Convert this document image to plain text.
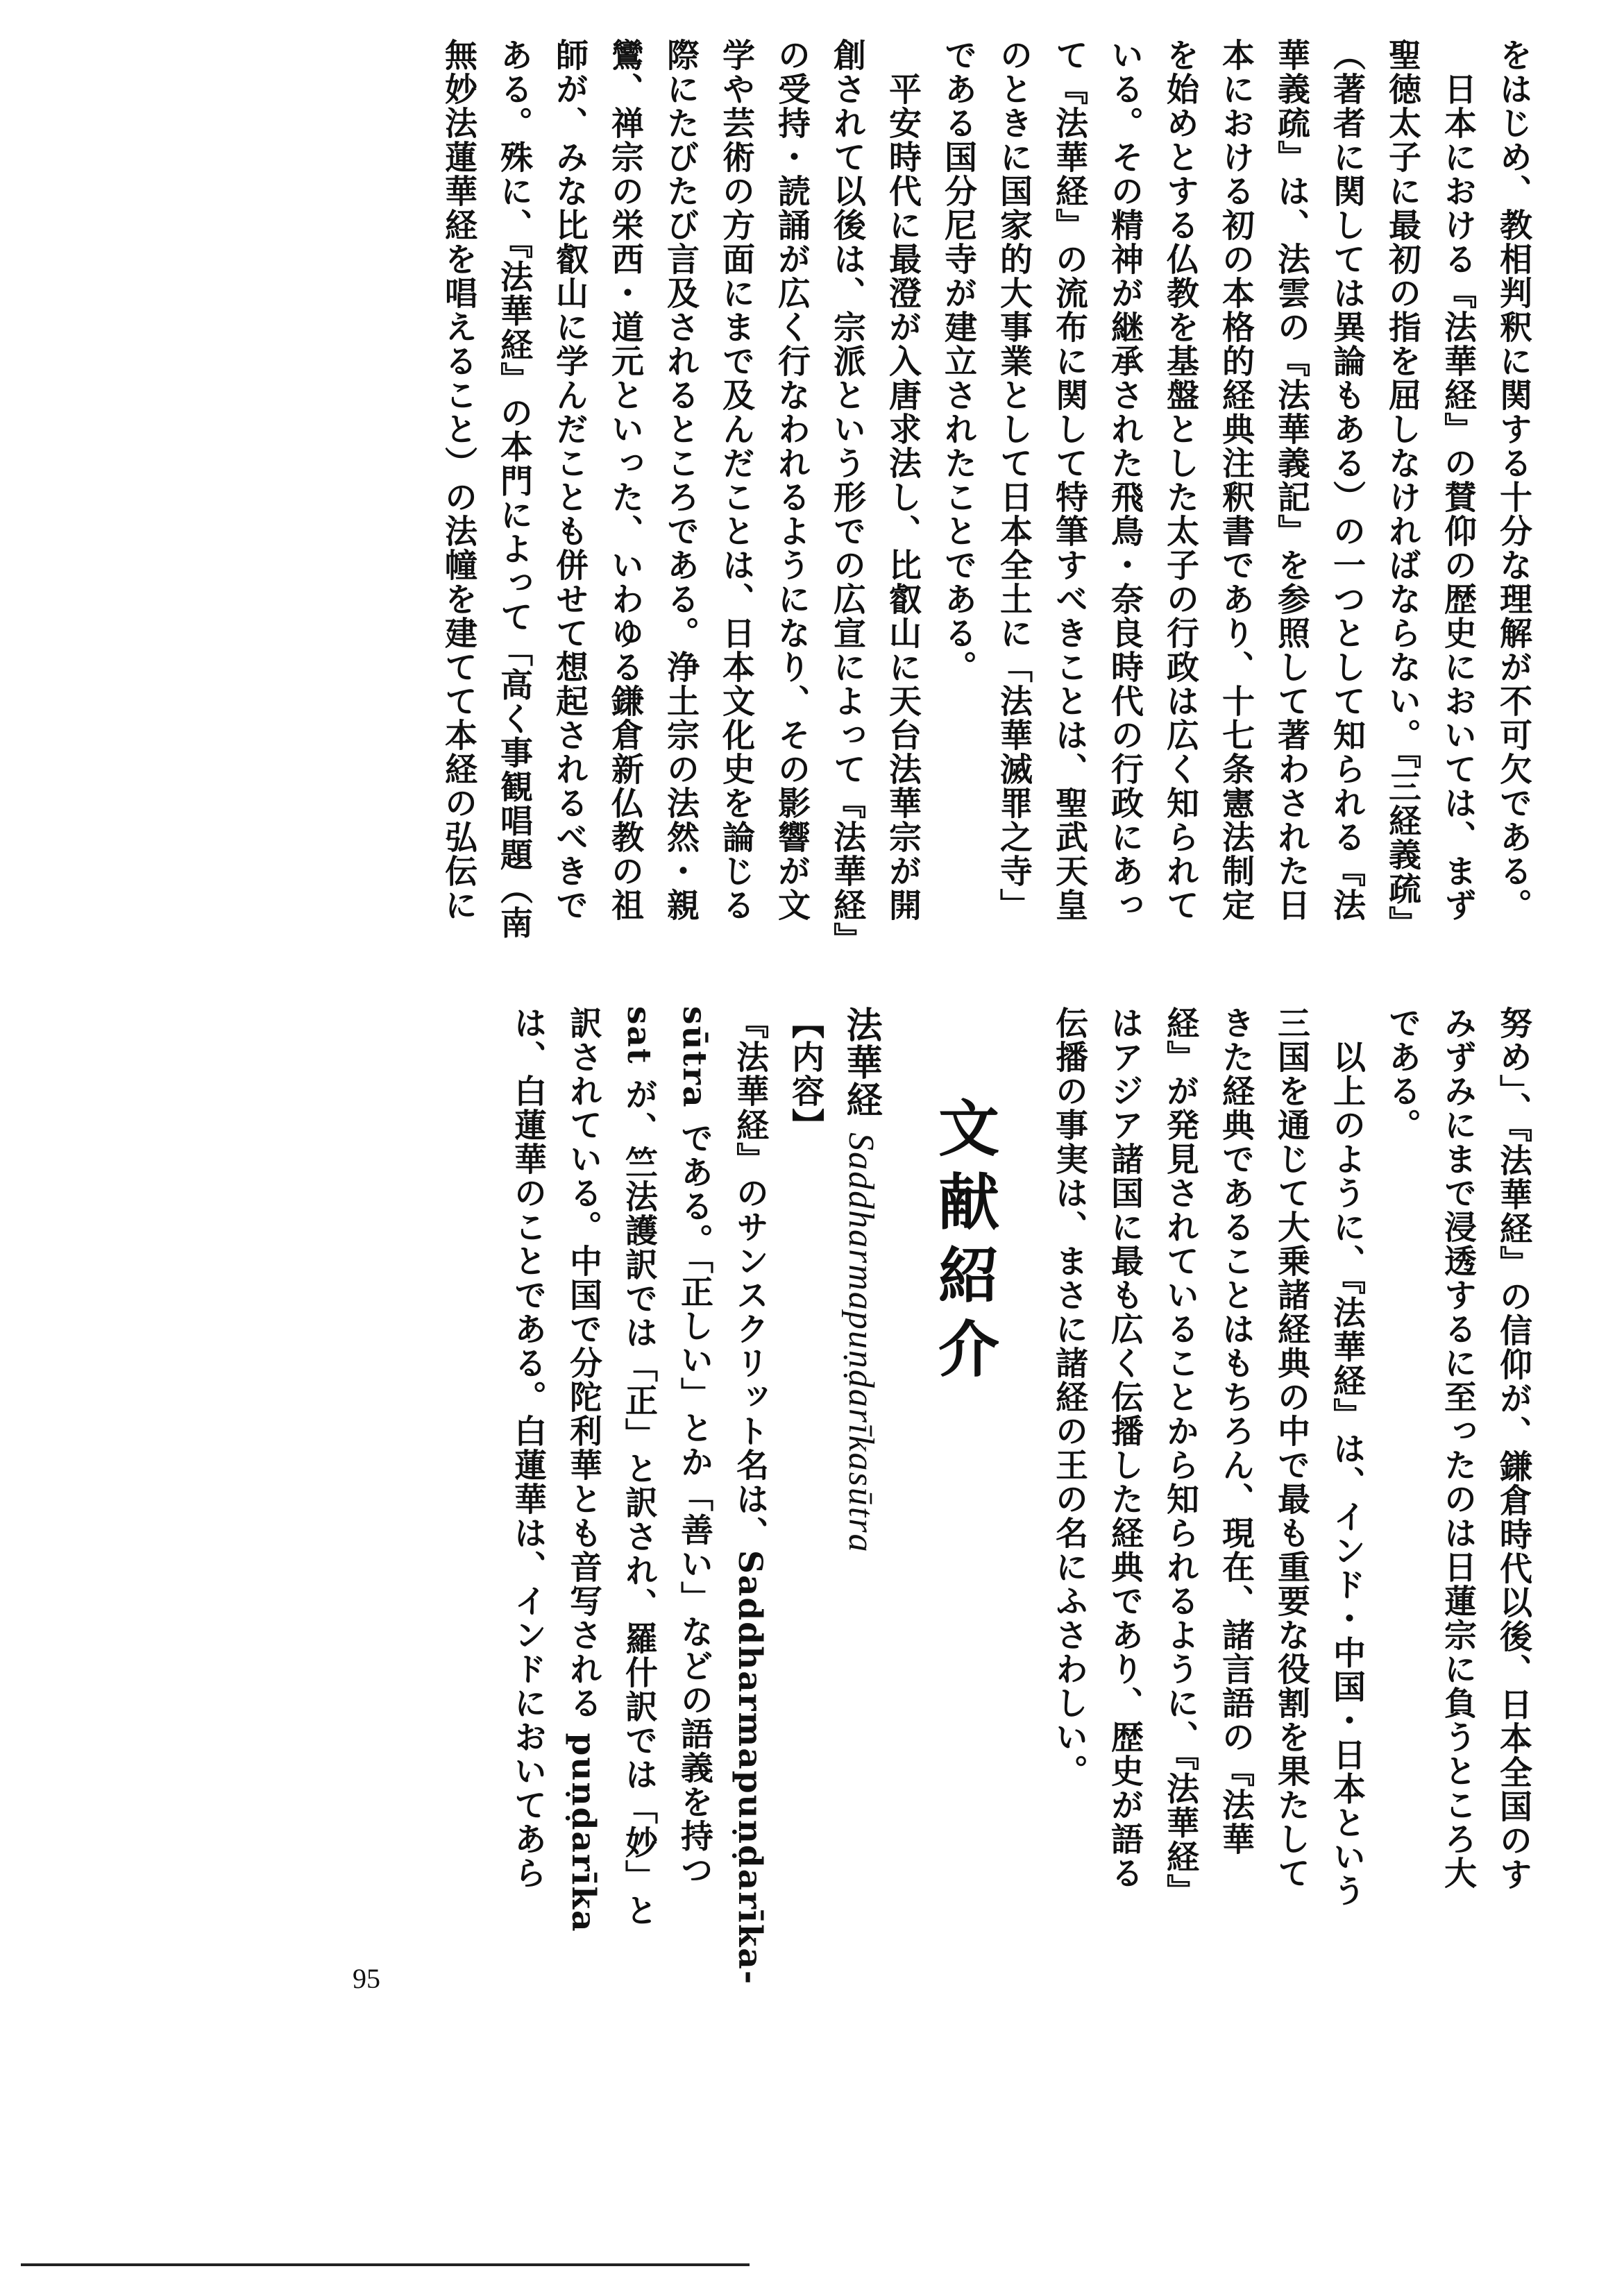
をはじめ、教相判釈に関する十分な理解が不可欠である。

　日本における『法華経』の賛仰の歴史においては、まず

聖徳太子に最初の指を屈しなければならない。『三経義疏』

（著者に関しては異論もある）の一つとして知られる『法

華義疏』は、法雲の『法華義記』を参照して著わされた日

本における初の本格的経典注釈書であり、十七条憲法制定

を始めとする仏教を基盤とした太子の行政は広く知られて

いる。その精神が継承された飛鳥・奈良時代の行政にあっ

て『法華経』の流布に関して特筆すべきことは、聖武天皇

のときに国家的大事業として日本全土に「法華滅罪之寺」

である国分尼寺が建立されたことである。

　平安時代に最澄が入唐求法し、比叡山に天台法華宗が開

創されて以後は、宗派という形での広宣によって『法華経』

の受持・読誦が広く行なわれるようになり、その影響が文

学や芸術の方面にまで及んだことは、日本文化史を論じる

際にたびたび言及されるところである。浄土宗の法然・親

鸞、禅宗の栄西・道元といった、いわゆる鎌倉新仏教の祖

師が、みな比叡山に学んだことも併せて想起されるべきで

ある。殊に、『法華経』の本門によって「高く事観唱題（南

無妙法蓮華経を唱えること）の法幢を建てて本経の弘伝に

努め」、『法華経』の信仰が、鎌倉時代以後、日本全国のす

みずみにまで浸透するに至ったのは日蓮宗に負うところ大

である。

　以上のように、『法華経』は、インド・中国・日本という

三国を通じて大乗諸経典の中で最も重要な役割を果たして

きた経典であることはもちろん、現在、諸言語の『法華

経』が発見されていることから知られるように、『法華経』

はアジア諸国に最も広く伝播した経典であり、歴史が語る

伝播の事実は、まさに諸経の王の名にふさわしい。

文献紹介

法華経 Saddharmapuṇḍarīkasūtra

【内容】

『法華経』のサンスクリット名は、Saddharmapuṇḍarīka-

sūtra である。「正しい」とか「善い」などの語義を持つ

sat が、竺法護訳では「正」と訳され、羅什訳では「妙」と

訳されている。中国で分陀利華とも音写される puṇḍarīka

は、白蓮華のことである。白蓮華は、インドにおいてあら

95
